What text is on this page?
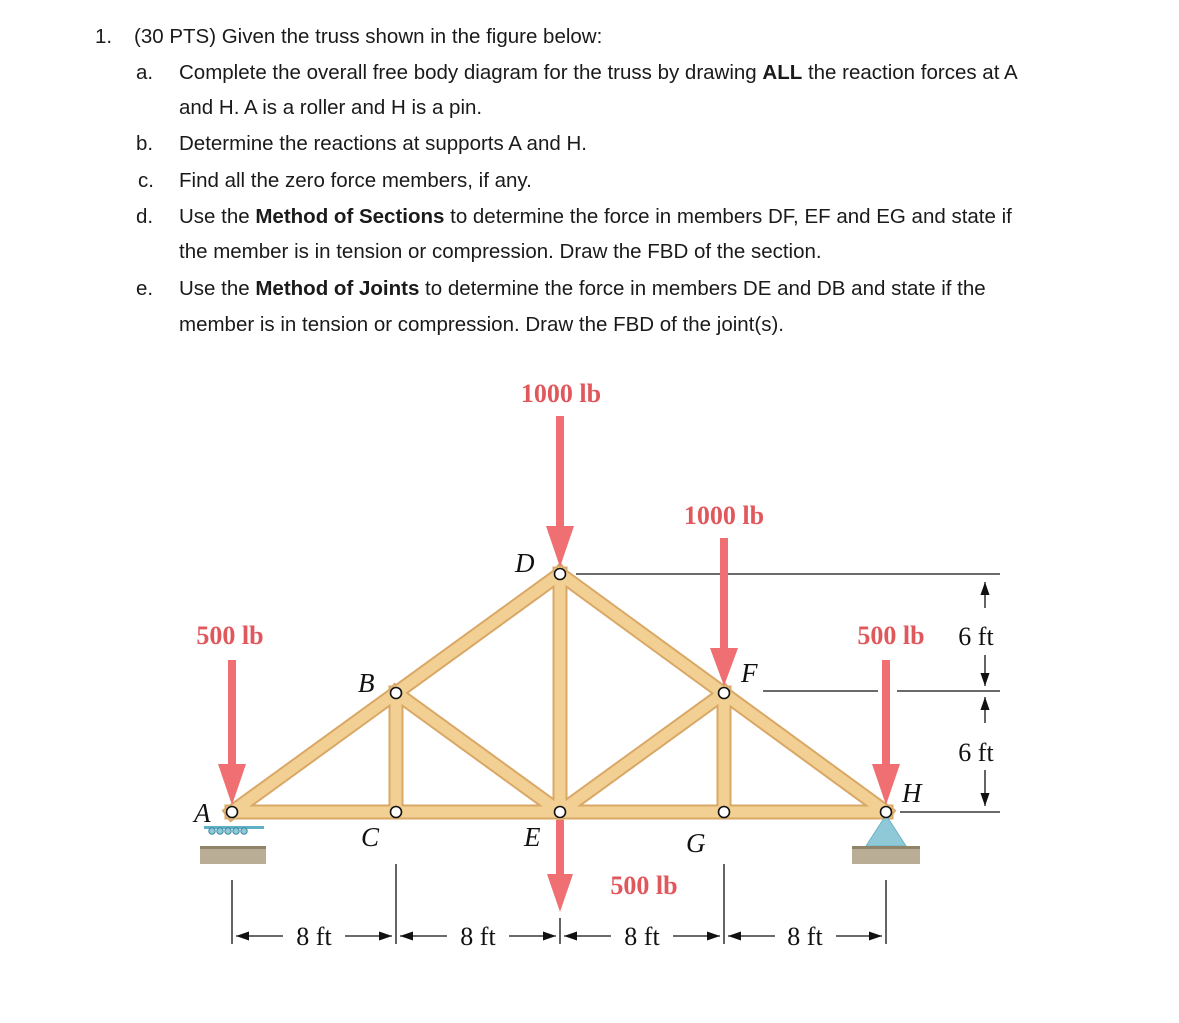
1. (30 PTS) Given the truss shown in the figure below:
a. Complete the overall free body diagram for the truss by drawing ALL the reaction forces at A
and H. A is a roller and H is a pin.
b. Determine the reactions at supports A and H.
c. Find all the zero force members, if any.
d. Use the Method of Sections to determine the force in members DF, EF and EG and state if
the member is in tension or compression. Draw the FBD of the section.
e. Use the Method of Joints to determine the force in members DE and DB and state if the
member is in tension or compression. Draw the FBD of the joint(s).
1000 lb
1000 lb
500 lb	500 lb
500 lb
A
B
C
D
E
F
G
H
6 ft
6 ft
8 ft	8 ft	8 ft	8 ft
